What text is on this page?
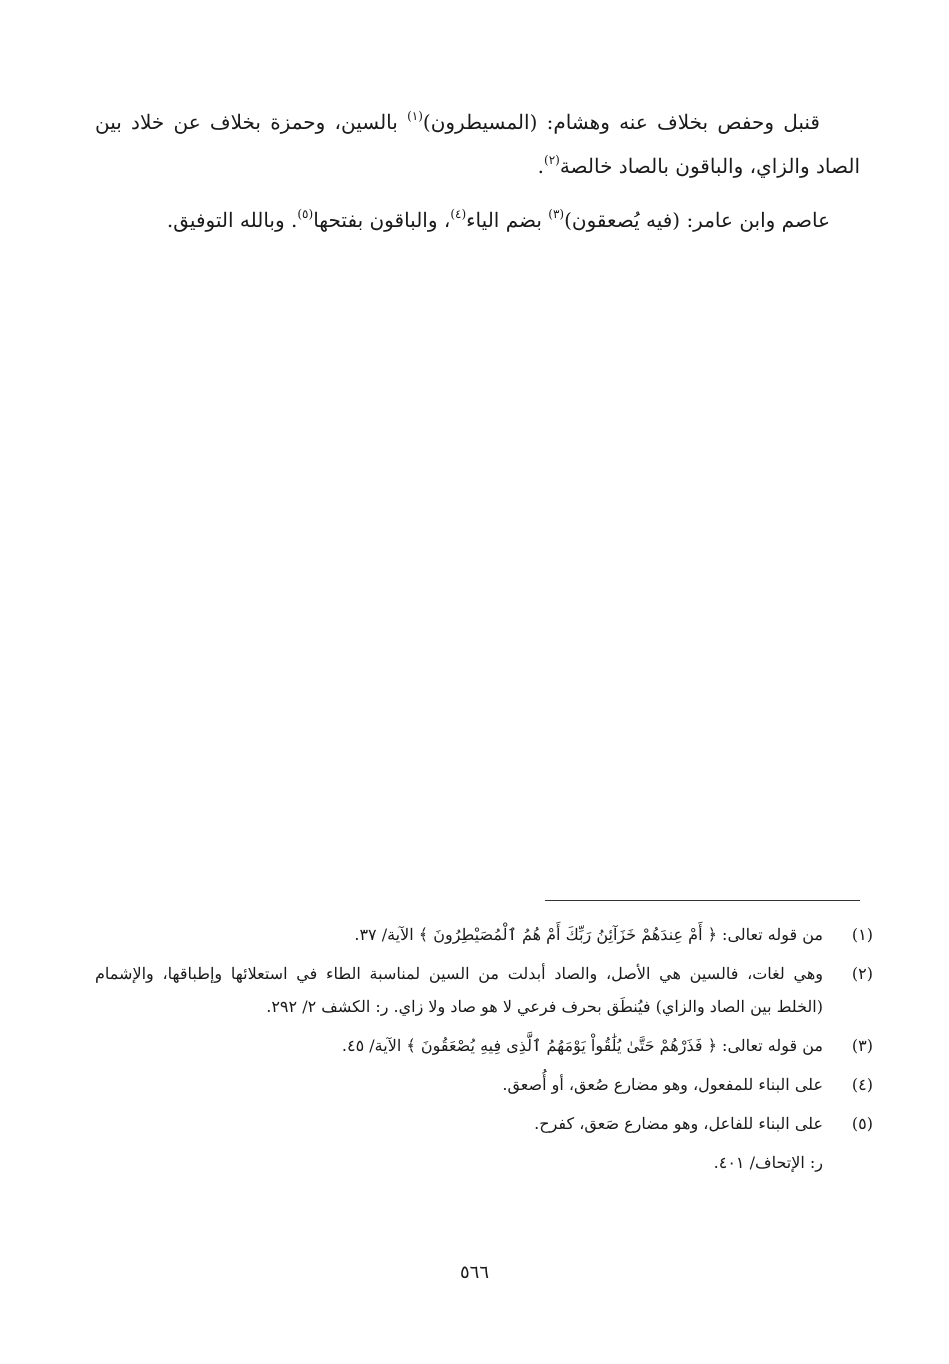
قنبل وحفص بخلاف عنه وهشام: (المسيطرون)$^{(١)}$ بالسين، وحمزة بخلاف عن خلاد بين الصاد والزاي، والباقون بالصاد خالصة$^{(٢)}$.

عاصم وابن عامر: (فيه يُصعقون)$^{(٣)}$ بضم الياء$^{(٤)}$، والباقون بفتحها$^{(٥)}$. وبالله التوفيق.

(١)
من قوله تعالى: ﴿ أَمْ عِندَهُمْ خَزَآئِنُ رَبِّكَ أَمْ هُمُ ٱلْمُصَيْطِرُونَ ﴾ الآية/ ٣٧.
(٢)
وهي لغات، فالسين هي الأصل، والصاد أبدلت من السين لمناسبة الطاء في استعلائها وإطباقها، والإشمام (الخلط بين الصاد والزاي) فيُنطَق بحرف فرعي لا هو صاد ولا زاي. ر: الكشف ٢/ ٢٩٢.
(٣)
من قوله تعالى: ﴿ فَذَرْهُمْ حَتَّىٰ يُلَٰقُواْ يَوْمَهُمُ ٱلَّذِى فِيهِ يُصْعَقُونَ ﴾ الآية/ ٤٥.
(٤)
على البناء للمفعول، وهو مضارع صُعق، أو أُصعق.
(٥)
على البناء للفاعل، وهو مضارع صَعق، كفرح.
ر: الإتحاف/ ٤٠١.
٥٦٦
